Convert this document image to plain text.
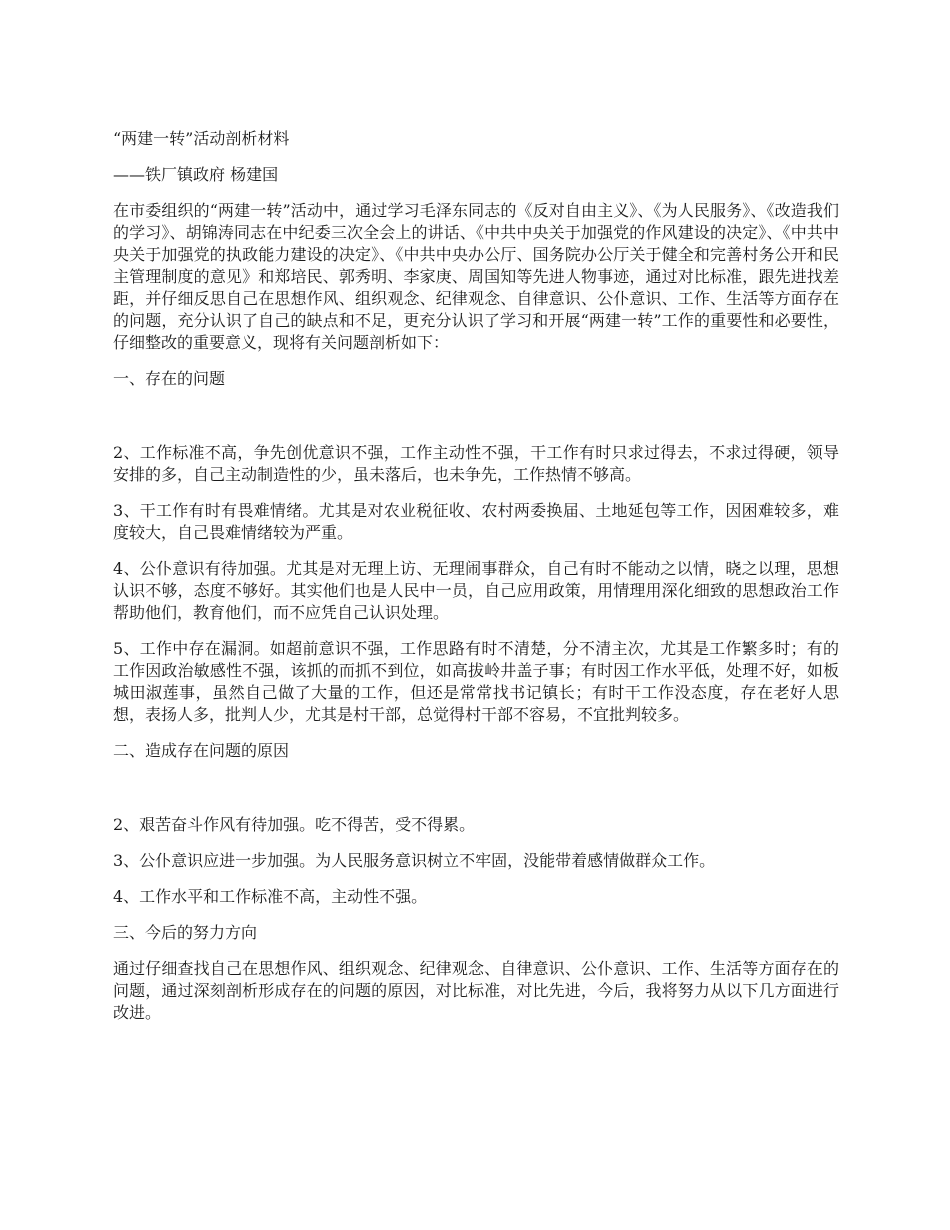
“两建一转”活动剖析材料

——铁厂镇政府 杨建国

在市委组织的“两建一转”活动中，通过学习毛泽东同志的《反对自由主义》、《为人民服务》、《改造我们的学习》、胡锦涛同志在中纪委三次全会上的讲话、《中共中央关于加强党的作风建设的决定》、《中共中央关于加强党的执政能力建设的决定》、《中共中央办公厅、国务院办公厅关于健全和完善村务公开和民主管理制度的意见》和郑培民、郭秀明、李家庚、周国知等先进人物事迹，通过对比标准，跟先进找差距，并仔细反思自己在思想作风、组织观念、纪律观念、自律意识、公仆意识、工作、生活等方面存在的问题，充分认识了自己的缺点和不足，更充分认识了学习和开展“两建一转”工作的重要性和必要性，仔细整改的重要意义，现将有关问题剖析如下：

一、存在的问题

2、工作标准不高，争先创优意识不强，工作主动性不强，干工作有时只求过得去，不求过得硬，领导安排的多，自己主动制造性的少，虽未落后，也未争先，工作热情不够高。

3、干工作有时有畏难情绪。尤其是对农业税征收、农村两委换届、土地延包等工作，因困难较多，难度较大，自己畏难情绪较为严重。

4、公仆意识有待加强。尤其是对无理上访、无理闹事群众，自己有时不能动之以情，晓之以理，思想认识不够，态度不够好。其实他们也是人民中一员，自己应用政策，用情理用深化细致的思想政治工作帮助他们，教育他们，而不应凭自己认识处理。

5、工作中存在漏洞。如超前意识不强，工作思路有时不清楚，分不清主次，尤其是工作繁多时；有的工作因政治敏感性不强，该抓的而抓不到位，如高拔岭井盖子事；有时因工作水平低，处理不好，如板城田淑莲事，虽然自己做了大量的工作，但还是常常找书记镇长；有时干工作没态度，存在老好人思想，表扬人多，批判人少，尤其是村干部，总觉得村干部不容易，不宜批判较多。

二、造成存在问题的原因

2、艰苦奋斗作风有待加强。吃不得苦，受不得累。

3、公仆意识应进一步加强。为人民服务意识树立不牢固，没能带着感情做群众工作。

4、工作水平和工作标准不高，主动性不强。

三、今后的努力方向

通过仔细查找自己在思想作风、组织观念、纪律观念、自律意识、公仆意识、工作、生活等方面存在的问题，通过深刻剖析形成存在的问题的原因，对比标准，对比先进，今后，我将努力从以下几方面进行改进。
